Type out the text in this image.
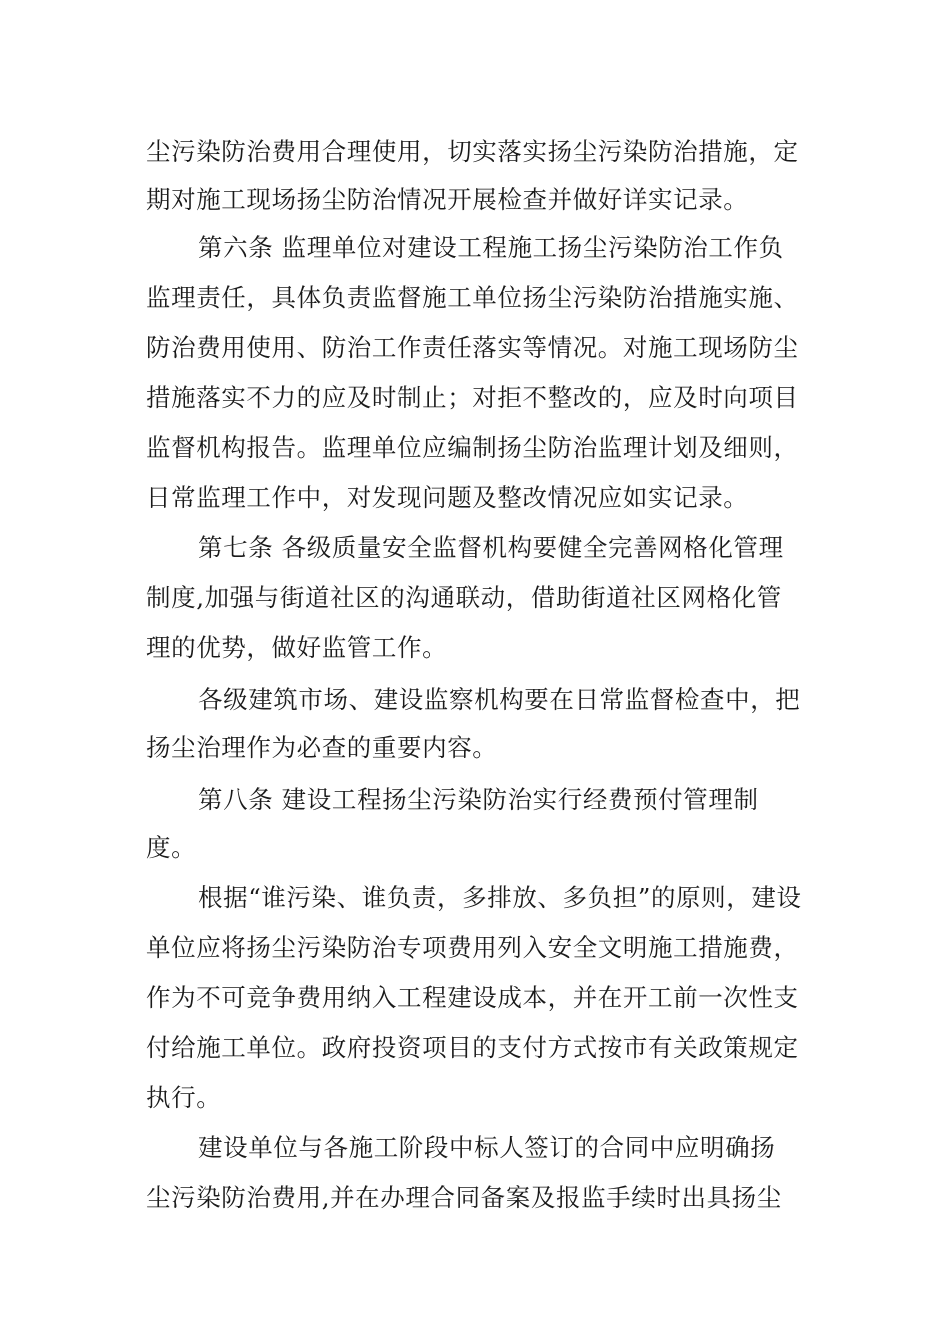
尘污染防治费用合理使用，切实落实扬尘污染防治措施，定
期对施工现场扬尘防治情况开展检查并做好详实记录。
第六条 监理单位对建设工程施工扬尘污染防治工作负
监理责任，具体负责监督施工单位扬尘污染防治措施实施、
防治费用使用、防治工作责任落实等情况。对施工现场防尘
措施落实不力的应及时制止；对拒不整改的，应及时向项目
监督机构报告。监理单位应编制扬尘防治监理计划及细则，
日常监理工作中，对发现问题及整改情况应如实记录。
第七条 各级质量安全监督机构要健全完善网格化管理
制度,加强与街道社区的沟通联动，借助街道社区网格化管
理的优势，做好监管工作。
各级建筑市场、建设监察机构要在日常监督检查中，把
扬尘治理作为必查的重要内容。
第八条 建设工程扬尘污染防治实行经费预付管理制
度。
根据“谁污染、谁负责，多排放、多负担”的原则，建设
单位应将扬尘污染防治专项费用列入安全文明施工措施费，
作为不可竞争费用纳入工程建设成本，并在开工前一次性支
付给施工单位。政府投资项目的支付方式按市有关政策规定
执行。
建设单位与各施工阶段中标人签订的合同中应明确扬
尘污染防治费用,并在办理合同备案及报监手续时出具扬尘
